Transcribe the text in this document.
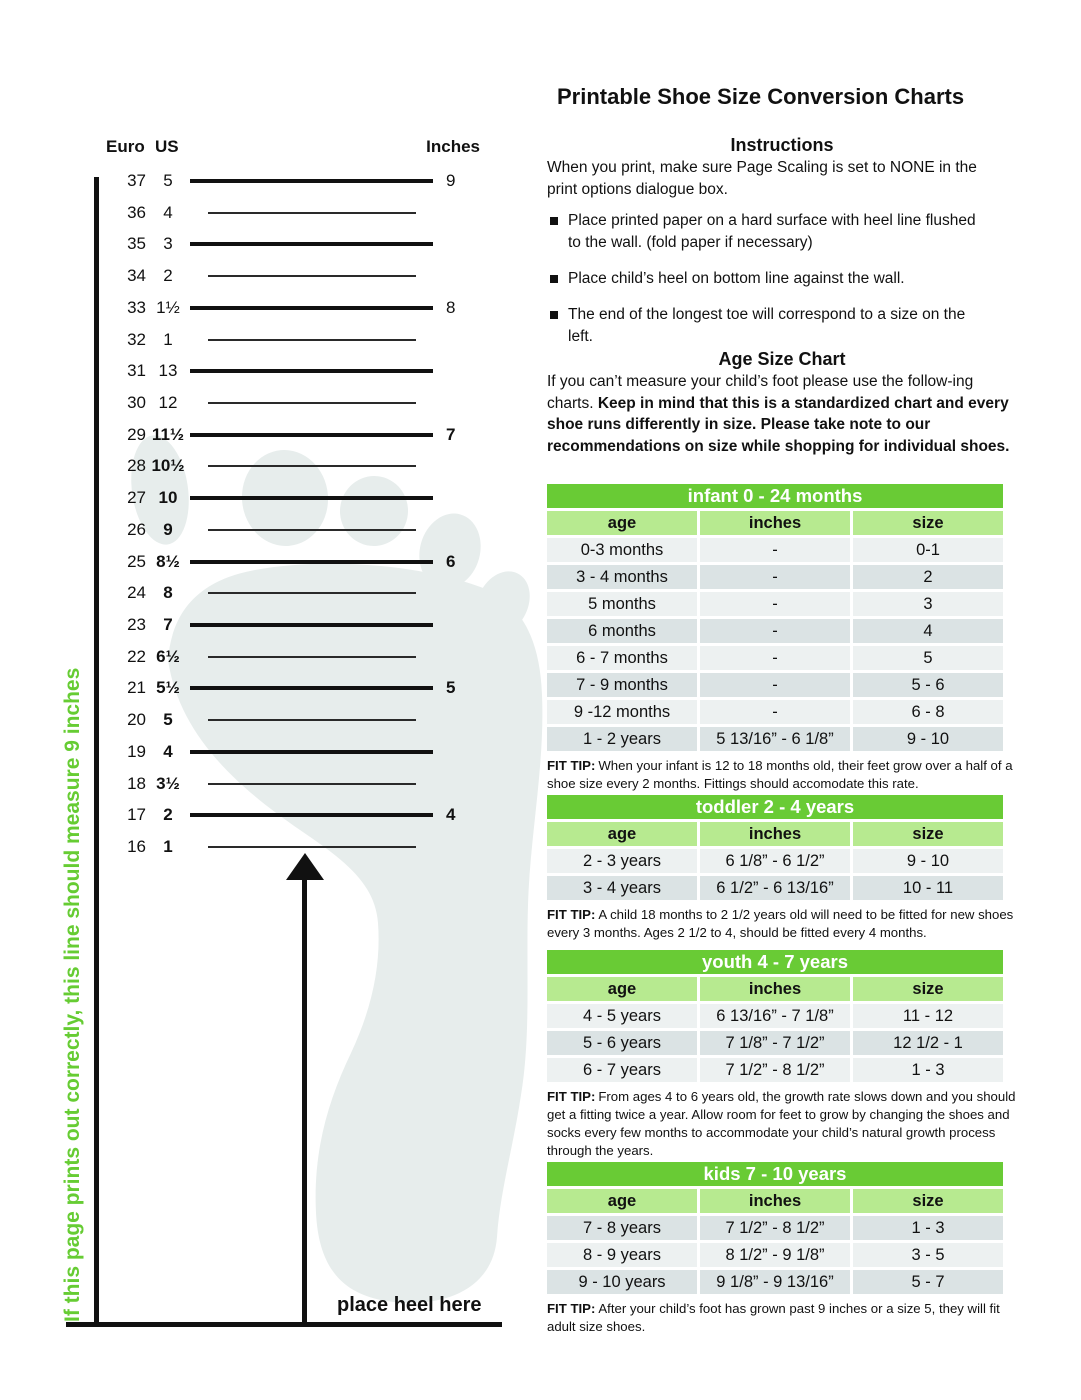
Euro US	Inches
37	5	9
36	4
35	3
34	2
33 1½	8
32	1
31 13
30 12
29 11½	7
28 10½
27 10
26	9
25 8½	6
24	8
23	7
22 6½
21 5½	5
20	5
19	4
18 3½
17	2	4
16	1
place heel here
If this page prints out correctly, this line should measure 9 inches
Printable Shoe Size Conversion Charts
Instructions

When you print, make sure Page Scaling is set to NONE in the print options dialogue box.

Place printed paper on a hard surface with heel line flushed to the wall. (fold paper if necessary)
Place child’s heel on bottom line against the wall.
The end of the longest toe will correspond to a size on the left.
Age Size Chart

If you can’t measure your child’s foot please use the follow-ing charts. Keep in mind that this is a standardized chart and every shoe runs differently in size. Please take note to our recommendations on size while shopping for individual shoes.

infant 0 - 24 months
age	inches	size
0-3 months	-	0-1
3 - 4 months	-	2
5 months	-	3
6 months	-	4
6 - 7 months	-	5
7 - 9 months	-	5 - 6
9 -12 months	-	6 - 8
1 - 2 years	5 13/16” - 6 1/8”	9 - 10

FIT TIP: When your infant is 12 to 18 months old, their feet grow over a half of a shoe size every 2 months. Fittings should accomodate this rate.

toddler 2 - 4 years
age	inches	size
2 - 3 years	6 1/8” - 6 1/2”	9 - 10
3 - 4 years	6 1/2” - 6 13/16”	10 - 11

FIT TIP: A child 18 months to 2 1/2 years old will need to be fitted for new shoes every 3 months. Ages 2 1/2 to 4, should be fitted every 4 months.

youth 4 - 7 years
age	inches	size
4 - 5 years	6 13/16” - 7 1/8”	11 - 12
5 - 6 years	7 1/8” - 7 1/2”	12 1/2 - 1
6 - 7 years	7 1/2” - 8 1/2”	1 - 3

FIT TIP: From ages 4 to 6 years old, the growth rate slows down and you should get a fitting twice a year. Allow room for feet to grow by changing the shoes and socks every few months to accommodate your child’s natural growth process through the years.

kids 7 - 10 years
age	inches	size
7 - 8 years	7 1/2” - 8 1/2”	1 - 3
8 - 9 years	8 1/2” - 9 1/8”	3 - 5
9 - 10 years	9 1/8” - 9 13/16”	5 - 7

FIT TIP: After your child’s foot has grown past 9 inches or a size 5, they will fit adult size shoes.
